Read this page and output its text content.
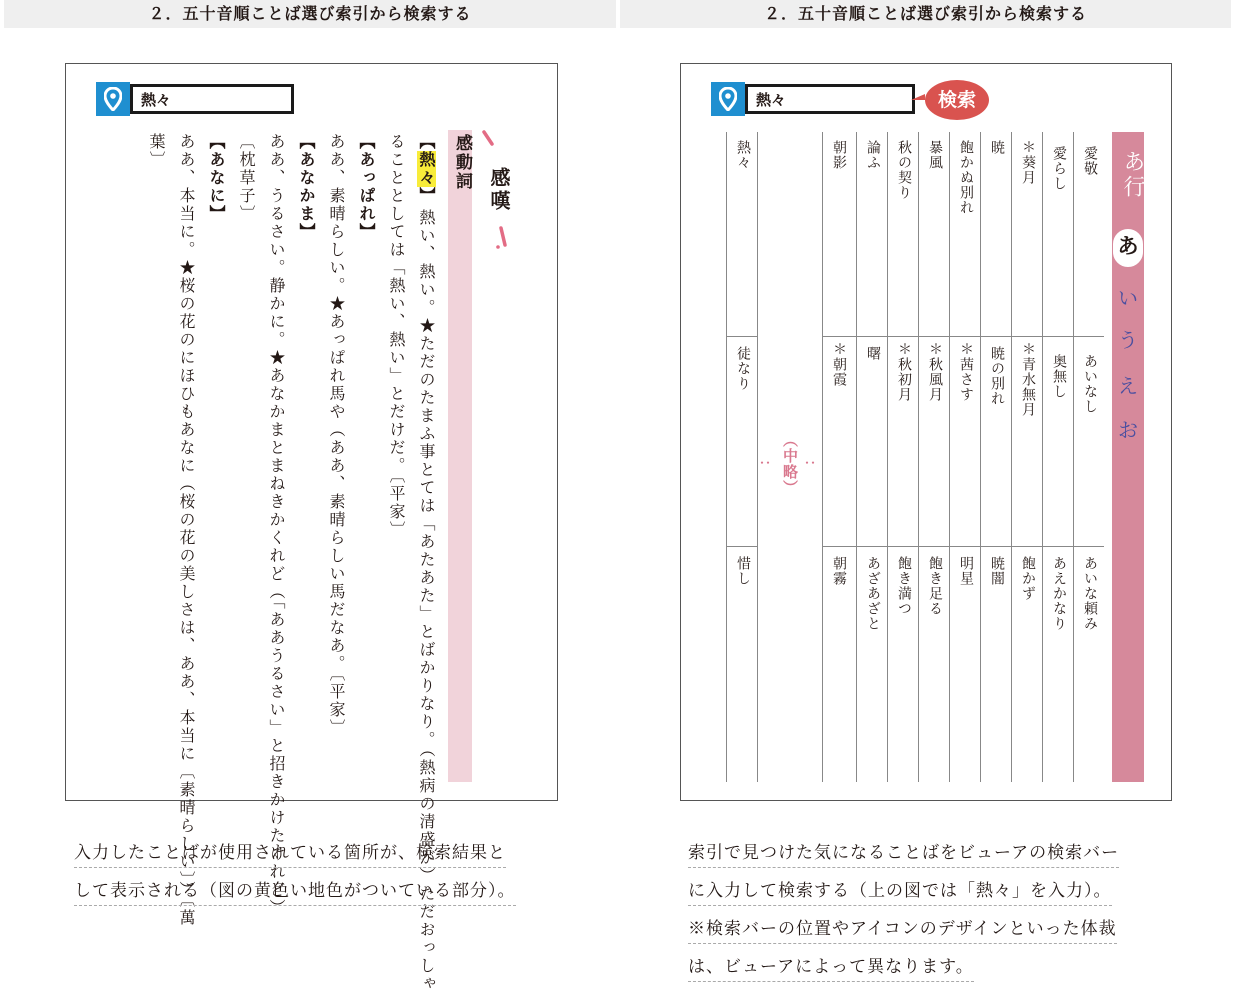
２．五十音順ことば選び索引から検索する
熱々
感嘆
感動詞
【熱々】熱い、熱い。★ただのたまふ事とては「あたあた」とばかりなり。（熱病の清盛が）ただおっしゃ
ることとしては「熱い、熱い」とだけだ。〔平家〕
【あっぱれ】
ああ、素晴らしい。★あっぱれ馬や（ああ、素晴らしい馬だなあ。〔平家〕
【あなかま】
ああ、うるさい。静かに。★あなかまとまねきかくれど（「ああうるさい」と招きかけたけれど）
〔枕草子〕
【あなに】
ああ、本当に。★桜の花のにほひもあなに（桜の花の美しさは、ああ、本当に〔素晴らしい〕）〔萬
葉〕
入力したことばが使用されている箇所が、検索結果と
して表示される（図の黄色い地色がついている部分）。
２．五十音順ことば選び索引から検索する
熱々	検索
あ行
あ
い
う
え
お
愛敬
あいなし
あいな頼み
愛らし
奥無し
あえかなり
＊葵月
＊青水無月
飽かず
暁
暁の別れ
暁闇
飽かぬ別れ
＊茜さす
明星
暴風
＊秋風月
飽き足る
秋の契り
＊秋初月
飽き満つ
論ふ
曙
あざあざと
朝影
＊朝霞
朝霧
（中略）
･･	･･
熱々
徒なり
惜し
索引で見つけた気になることばをビューアの検索バー
に入力して検索する（上の図では「熱々」を入力）。
※検索バーの位置やアイコンのデザインといった体裁
は、ビューアによって異なります。
